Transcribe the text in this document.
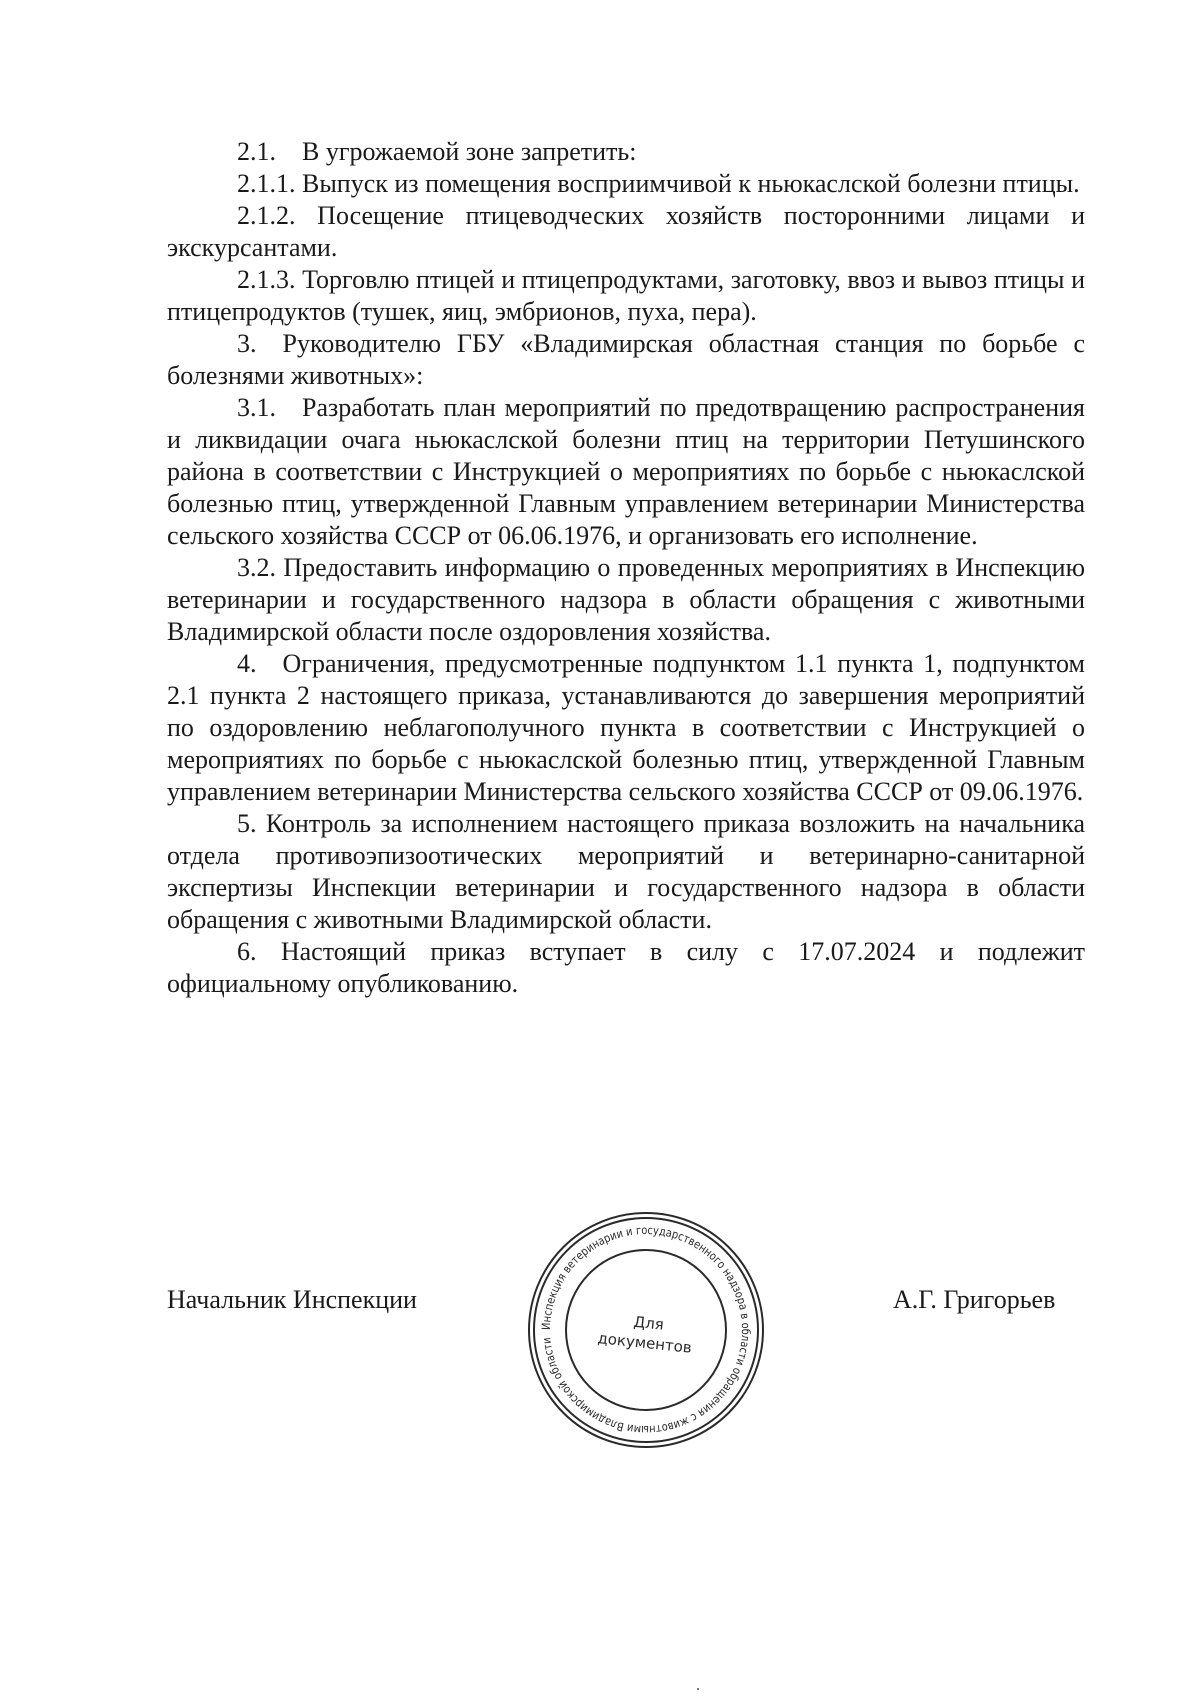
2.1. В угрожаемой зоне запретить:

2.1.1. Выпуск из помещения восприимчивой к ньюкаслской болезни птицы.

2.1.2. Посещение птицеводческих хозяйств посторонними лицами и экскурсантами.

2.1.3. Торговлю птицей и птицепродуктами, заготовку, ввоз и вывоз птицы и птицепродуктов (тушек, яиц, эмбрионов, пуха, пера).

3. Руководителю ГБУ «Владимирская областная станция по борьбе с болезнями животных»:

3.1. Разработать план мероприятий по предотвращению распространения и ликвидации очага ньюкаслской болезни птиц на территории Петушинского района в соответствии с Инструкцией о мероприятиях по борьбе с ньюкаслской болезнью птиц, утвержденной Главным управлением ветеринарии Министерства сельского хозяйства СССР от 06.06.1976, и организовать его исполнение.

3.2. Предоставить информацию о проведенных мероприятиях в Инспекцию ветеринарии и государственного надзора в области обращения с животными Владимирской области после оздоровления хозяйства.

4. Ограничения, предусмотренные подпунктом 1.1 пункта 1, подпунктом 2.1 пункта 2 настоящего приказа, устанавливаются до завершения мероприятий по оздоровлению неблагополучного пункта в соответствии с Инструкцией о мероприятиях по борьбе с ньюкаслской болезнью птиц, утвержденной Главным управлением ветеринарии Министерства сельского хозяйства СССР от 09.06.1976.

5. Контроль за исполнением настоящего приказа возложить на начальника отдела противоэпизоотических мероприятий и ветеринарно-санитарной экспертизы Инспекции ветеринарии и государственного надзора в области обращения с животными Владимирской области.

6. Настоящий приказ вступает в силу с 17.07.2024 и подлежит официальному опубликованию.

Начальник Инспекции	А.Г. Григорьев
Инспекция ветеринарии и государственного надзора в области обращения с животными Владимирской области
Для
документов
